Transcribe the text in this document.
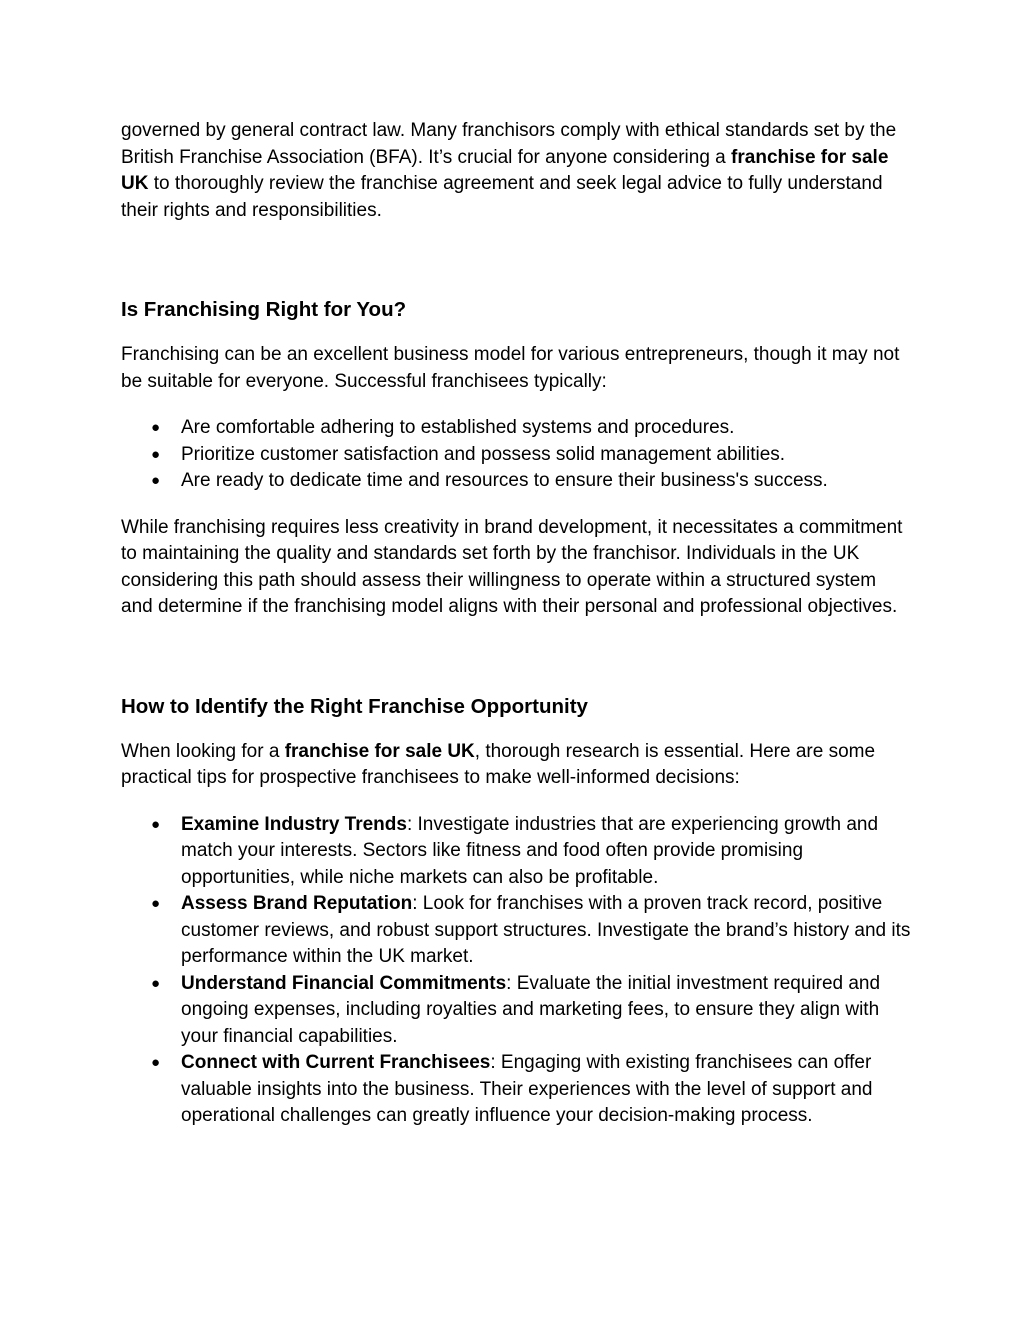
governed by general contract law. Many franchisors comply with ethical standards set by the British Franchise Association (BFA). It’s crucial for anyone considering a franchise for sale UK to thoroughly review the franchise agreement and seek legal advice to fully understand their rights and responsibilities.

Is Franchising Right for You?

Franchising can be an excellent business model for various entrepreneurs, though it may not be suitable for everyone. Successful franchisees typically:

● Are comfortable adhering to established systems and procedures.
● Prioritize customer satisfaction and possess solid management abilities.
● Are ready to dedicate time and resources to ensure their business's success.

While franchising requires less creativity in brand development, it necessitates a commitment to maintaining the quality and standards set forth by the franchisor. Individuals in the UK considering this path should assess their willingness to operate within a structured system and determine if the franchising model aligns with their personal and professional objectives.

How to Identify the Right Franchise Opportunity

When looking for a franchise for sale UK, thorough research is essential. Here are some practical tips for prospective franchisees to make well-informed decisions:

● Examine Industry Trends: Investigate industries that are experiencing growth and match your interests. Sectors like fitness and food often provide promising opportunities, while niche markets can also be profitable.
● Assess Brand Reputation: Look for franchises with a proven track record, positive customer reviews, and robust support structures. Investigate the brand’s history and its performance within the UK market.
● Understand Financial Commitments: Evaluate the initial investment required and ongoing expenses, including royalties and marketing fees, to ensure they align with your financial capabilities.
● Connect with Current Franchisees: Engaging with existing franchisees can offer valuable insights into the business. Their experiences with the level of support and operational challenges can greatly influence your decision-making process.
